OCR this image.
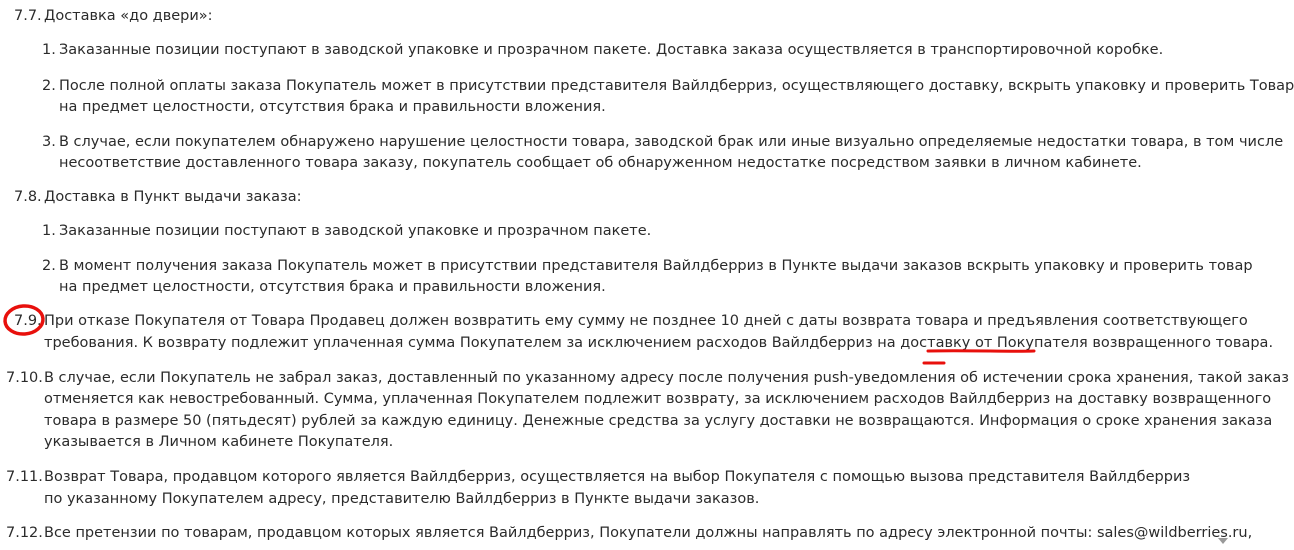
7.7. Доставка «до двери»:
1. Заказанные позиции поступают в заводской упаковке и прозрачном пакете. Доставка заказа осуществляется в транспортировочной коробке.
2. После полной оплаты заказа Покупатель может в присутствии представителя Вайлдберриз, осуществляющего доставку, вскрыть упаковку и проверить Товар
на предмет целостности, отсутствия брака и правильности вложения.
3. В случае, если покупателем обнаружено нарушение целостности товара, заводской брак или иные визуально определяемые недостатки товара, в том числе
несоответствие доставленного товара заказу, покупатель сообщает об обнаруженном недостатке посредством заявки в личном кабинете.
7.8. Доставка в Пункт выдачи заказа:
1. Заказанные позиции поступают в заводской упаковке и прозрачном пакете.
2. В момент получения заказа Покупатель может в присутствии представителя Вайлдберриз в Пункте выдачи заказов вскрыть упаковку и проверить товар
на предмет целостности, отсутствия брака и правильности вложения.
7.9. При отказе Покупателя от Товара Продавец должен возвратить ему сумму не позднее 10 дней с даты возврата товара и предъявления соответствующего
требования. К возврату подлежит уплаченная сумма Покупателем за исключением расходов Вайлдберриз на доставку от Покупателя возвращенного товара.
7.10. В случае, если Покупатель не забрал заказ, доставленный по указанному адресу после получения push-уведомления об истечении срока хранения, такой заказ
отменяется как невостребованный. Сумма, уплаченная Покупателем подлежит возврату, за исключением расходов Вайлдберриз на доставку возвращенного
товара в размере 50 (пятьдесят) рублей за каждую единицу. Денежные средства за услугу доставки не возвращаются. Информация о сроке хранения заказа
указывается в Личном кабинете Покупателя.
7.11. Возврат Товара, продавцом которого является Вайлдберриз, осуществляется на выбор Покупателя с помощью вызова представителя Вайлдберриз
по указанному Покупателем адресу, представителю Вайлдберриз в Пункте выдачи заказов.
7.12. Все претензии по товарам, продавцом которых является Вайлдберриз, Покупатели должны направлять по адресу электронной почты: sales@wildberries.ru,
